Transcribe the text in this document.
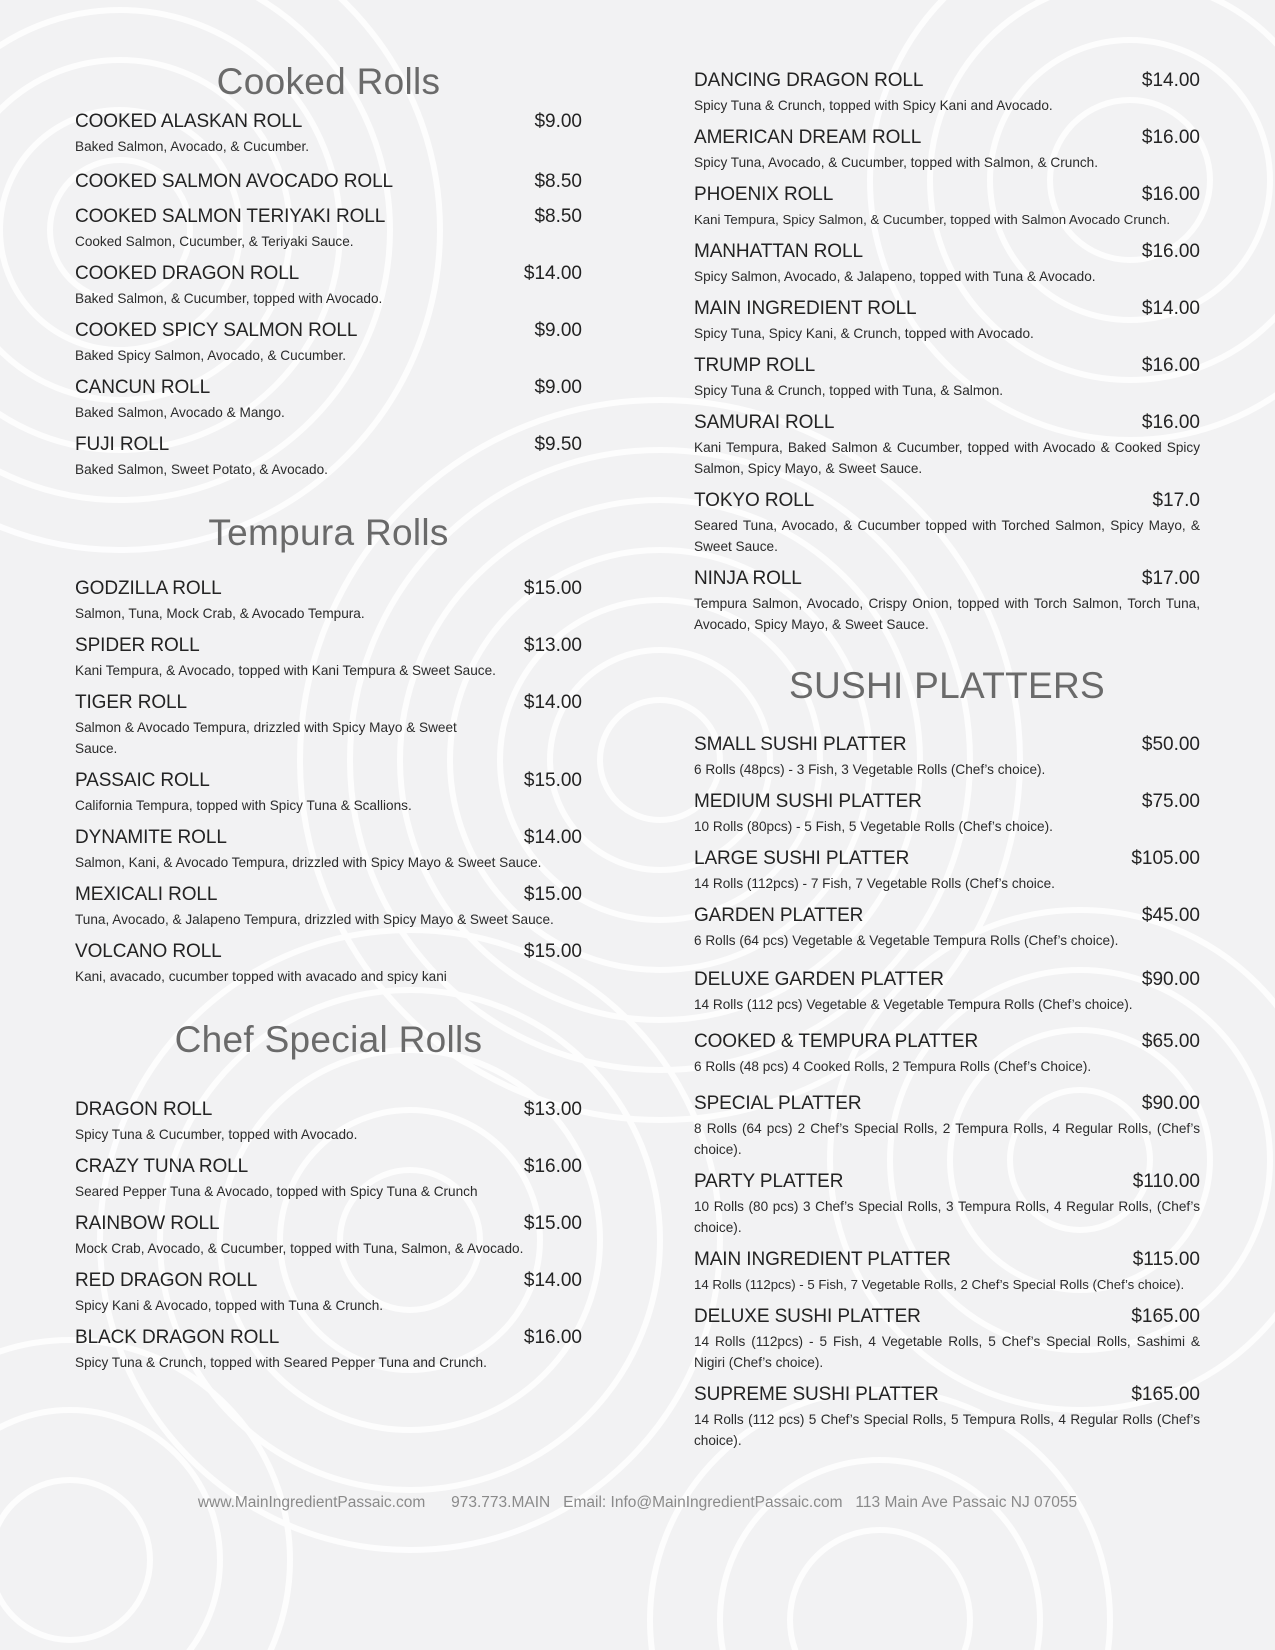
Cooked Rolls
COOKED ALASKAN ROLL	$9.00
Baked Salmon, Avocado, & Cucumber.
COOKED SALMON AVOCADO ROLL	$8.50
COOKED SALMON TERIYAKI ROLL	$8.50
Cooked Salmon, Cucumber, & Teriyaki Sauce.
COOKED DRAGON ROLL	$14.00
Baked Salmon, & Cucumber, topped with Avocado.
COOKED SPICY SALMON ROLL	$9.00
Baked Spicy Salmon, Avocado, & Cucumber.
CANCUN ROLL	$9.00
Baked Salmon, Avocado & Mango.
FUJI ROLL	$9.50
Baked Salmon, Sweet Potato, & Avocado.
Tempura Rolls
GODZILLA ROLL	$15.00
Salmon, Tuna, Mock Crab, & Avocado Tempura.
SPIDER ROLL	$13.00
Kani Tempura, & Avocado, topped with Kani Tempura & Sweet Sauce.
TIGER ROLL	$14.00
Salmon & Avocado Tempura, drizzled with Spicy Mayo & Sweet Sauce.
PASSAIC ROLL	$15.00
California Tempura, topped with Spicy Tuna & Scallions.
DYNAMITE ROLL	$14.00
Salmon, Kani, & Avocado Tempura, drizzled with Spicy Mayo & Sweet Sauce.
MEXICALI ROLL	$15.00
Tuna, Avocado, & Jalapeno Tempura, drizzled with Spicy Mayo & Sweet Sauce.
VOLCANO ROLL	$15.00
Kani, avacado, cucumber topped with avacado and spicy kani
Chef Special Rolls
DRAGON ROLL	$13.00
Spicy Tuna & Cucumber, topped with Avocado.
CRAZY TUNA ROLL	$16.00
Seared Pepper Tuna & Avocado, topped with Spicy Tuna & Crunch
RAINBOW ROLL	$15.00
Mock Crab, Avocado, & Cucumber, topped with Tuna, Salmon, & Avocado.
RED DRAGON ROLL	$14.00
Spicy Kani & Avocado, topped with Tuna & Crunch.
BLACK DRAGON ROLL	$16.00
Spicy Tuna & Crunch, topped with Seared Pepper Tuna and Crunch.
DANCING DRAGON ROLL	$14.00
Spicy Tuna & Crunch, topped with Spicy Kani and Avocado.
AMERICAN DREAM ROLL	$16.00
Spicy Tuna, Avocado, & Cucumber, topped with Salmon, & Crunch.
PHOENIX ROLL	$16.00
Kani Tempura, Spicy Salmon, & Cucumber, topped with Salmon Avocado Crunch.
MANHATTAN ROLL	$16.00
Spicy Salmon, Avocado, & Jalapeno, topped with Tuna & Avocado.
MAIN INGREDIENT ROLL	$14.00
Spicy Tuna, Spicy Kani, & Crunch, topped with Avocado.
TRUMP ROLL	$16.00
Spicy Tuna & Crunch, topped with Tuna, & Salmon.
SAMURAI ROLL	$16.00
Kani Tempura, Baked Salmon & Cucumber, topped with Avocado & Cooked Spicy Salmon, Spicy Mayo, & Sweet Sauce.
TOKYO ROLL	$17.0
Seared Tuna, Avocado, & Cucumber topped with Torched Salmon, Spicy Mayo, & Sweet Sauce.
NINJA ROLL	$17.00
Tempura Salmon, Avocado, Crispy Onion, topped with Torch Salmon, Torch Tuna, Avocado, Spicy Mayo, & Sweet Sauce.
SUSHI PLATTERS
SMALL SUSHI PLATTER	$50.00
6 Rolls (48pcs) - 3 Fish, 3 Vegetable Rolls (Chef’s choice).
MEDIUM SUSHI PLATTER	$75.00
10 Rolls (80pcs) - 5 Fish, 5 Vegetable Rolls (Chef’s choice).
LARGE SUSHI PLATTER	$105.00
14 Rolls (112pcs) - 7 Fish, 7 Vegetable Rolls (Chef’s choice.
GARDEN PLATTER	$45.00
6 Rolls (64 pcs) Vegetable & Vegetable Tempura Rolls (Chef’s choice).
DELUXE GARDEN PLATTER	$90.00
14 Rolls (112 pcs) Vegetable & Vegetable Tempura Rolls (Chef’s choice).
COOKED & TEMPURA PLATTER	$65.00
6 Rolls (48 pcs) 4 Cooked Rolls, 2 Tempura Rolls (Chef’s Choice).
SPECIAL PLATTER	$90.00
8 Rolls (64 pcs) 2 Chef’s Special Rolls, 2 Tempura Rolls, 4 Regular Rolls, (Chef’s choice).
PARTY PLATTER	$110.00
10 Rolls (80 pcs) 3 Chef’s Special Rolls, 3 Tempura Rolls, 4 Regular Rolls, (Chef’s choice).
MAIN INGREDIENT PLATTER	$115.00
14 Rolls (112pcs) - 5 Fish, 7 Vegetable Rolls, 2 Chef’s Special Rolls (Chef’s choice).
DELUXE SUSHI PLATTER	$165.00
14 Rolls (112pcs) - 5 Fish, 4 Vegetable Rolls, 5 Chef’s Special Rolls, Sashimi & Nigiri (Chef’s choice).
SUPREME SUSHI PLATTER	$165.00
14 Rolls (112 pcs) 5 Chef’s Special Rolls, 5 Tempura Rolls, 4 Regular Rolls (Chef’s choice).
www.MainIngredientPassaic.com 973.773.MAIN Email: Info@MainIngredientPassaic.com 113 Main Ave Passaic NJ 07055
